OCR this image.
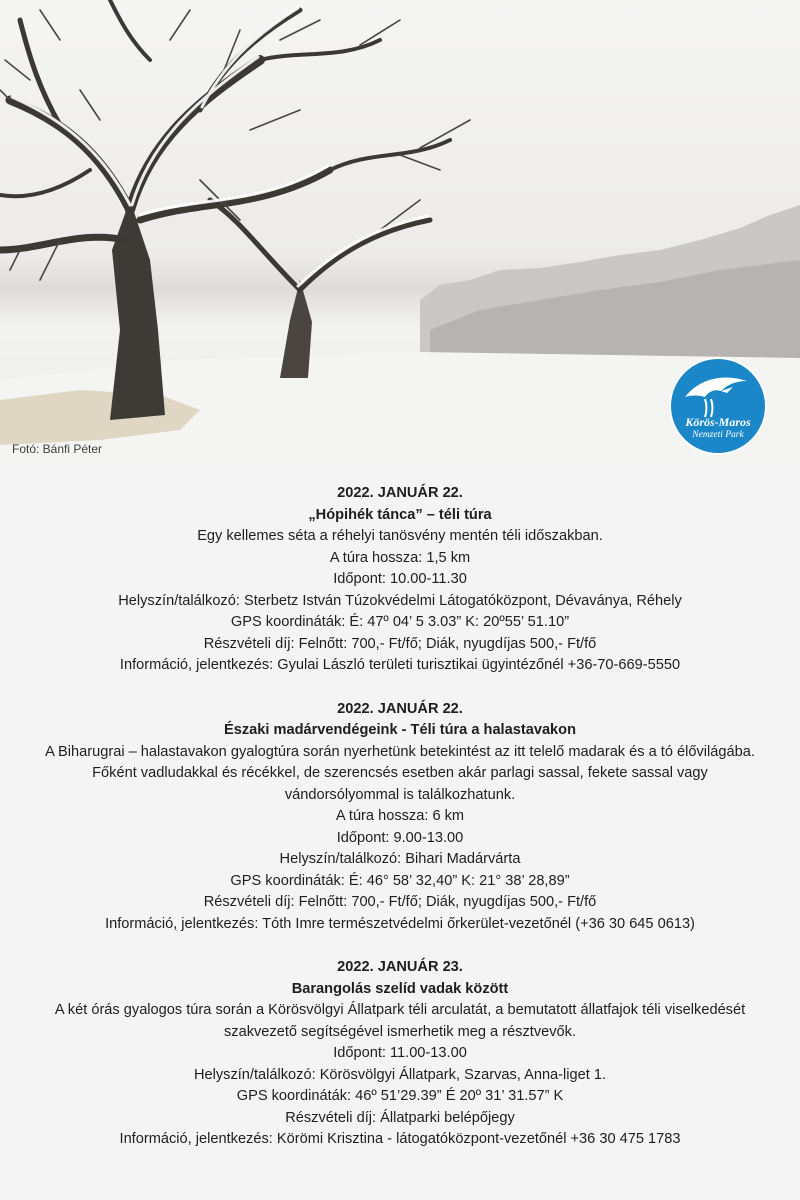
Fotó: Bánfi Péter
Körös-Maros
Nemzeti Park
2022. JANUÁR 22.
„Hópihék tánca” – téli túra
Egy kellemes séta a réhelyi tanösvény mentén téli időszakban.
A túra hossza: 1,5 km
Időpont: 10.00-11.30
Helyszín/találkozó: Sterbetz István Túzokvédelmi Látogatóközpont, Dévaványa, Réhely
GPS koordináták: É: 47º 04’ 5 3.03” K: 20º55’ 51.10”
Részvételi díj: Felnőtt: 700,- Ft/fő; Diák, nyugdíjas 500,- Ft/fő
Információ, jelentkezés: Gyulai László területi turisztikai ügyintézőnél +36-70-669-5550
2022. JANUÁR 22.
Északi madárvendégeink - Téli túra a halastavakon
A Biharugrai – halastavakon gyalogtúra során nyerhetünk betekintést az itt telelő madarak és a tó élővilágába.
Főként vadludakkal és récékkel, de szerencsés esetben akár parlagi sassal, fekete sassal vagy
vándorsólyommal is találkozhatunk.
A túra hossza: 6 km
Időpont: 9.00-13.00
Helyszín/találkozó: Bihari Madárvárta
GPS koordináták: É: 46° 58’ 32,40” K: 21° 38’ 28,89”
Részvételi díj: Felnőtt: 700,- Ft/fő; Diák, nyugdíjas 500,- Ft/fő
Információ, jelentkezés: Tóth Imre természetvédelmi őrkerület-vezetőnél (+36 30 645 0613)
2022. JANUÁR 23.
Barangolás szelíd vadak között
A két órás gyalogos túra során a Körösvölgyi Állatpark téli arculatát, a bemutatott állatfajok téli viselkedését
szakvezető segítségével ismerhetik meg a résztvevők.
Időpont: 11.00-13.00
Helyszín/találkozó: Körösvölgyi Állatpark, Szarvas, Anna-liget 1.
GPS koordináták: 46º 51’29.39” É 20º 31’ 31.57” K
Részvételi díj: Állatparki belépőjegy
Információ, jelentkezés: Körömi Krisztina - látogatóközpont-vezetőnél +36 30 475 1783
